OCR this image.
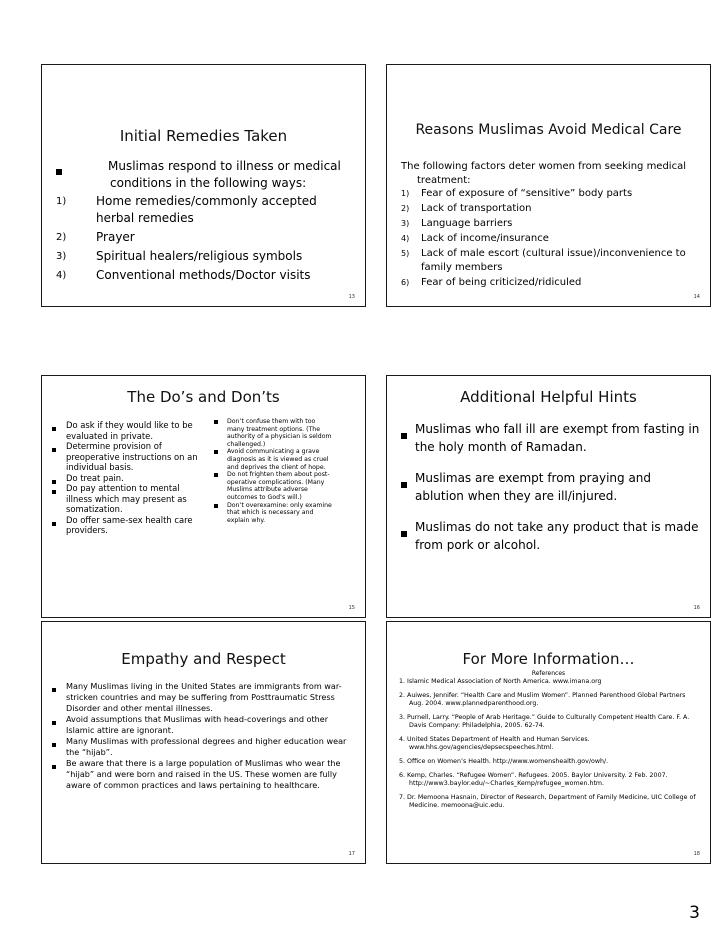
Initial Remedies Taken
Muslimas respond to illness or medical conditions in the following ways:
1) Home remedies/commonly accepted herbal remedies
2) Prayer
3) Spiritual healers/religious symbols
4) Conventional methods/Doctor visits
13
Reasons Muslimas Avoid Medical Care
The following factors deter women from seeking medical treatment:
1) Fear of exposure of “sensitive” body parts
2) Lack of transportation
3) Language barriers
4) Lack of income/insurance
5) Lack of male escort (cultural issue)/inconvenience to family members
6) Fear of being criticized/ridiculed
14
The Do’s and Don’ts
Do ask if they would like to be evaluated in private.
Determine provision of preoperative instructions on an individual basis.
Do treat pain.
Do pay attention to mental illness which may present as somatization.
Do offer same-sex health care providers.
Don’t confuse them with too many treatment options. (The authority of a physician is seldom challenged.)
Avoid communicating a grave diagnosis as it is viewed as cruel and deprives the client of hope.
Do not frighten them about post-operative complications. (Many Muslims attribute adverse outcomes to God’s will.)
Don’t overexamine: only examine that which is necessary and explain why.
15
Additional Helpful Hints
Muslimas who fall ill are exempt from fasting in the holy month of Ramadan.
Muslimas are exempt from praying and ablution when they are ill/injured.
Muslimas do not take any product that is made from pork or alcohol.
16
Empathy and Respect
Many Muslimas living in the United States are immigrants from war-stricken countries and may be suffering from Posttraumatic Stress Disorder and other mental illnesses.
Avoid assumptions that Muslimas with head-coverings and other Islamic attire are ignorant.
Many Muslimas with professional degrees and higher education wear the “hijab”.
Be aware that there is a large population of Muslimas who wear the “hijab” and were born and raised in the US. These women are fully aware of common practices and laws pertaining to healthcare.
17
For More Information…
References

1. Islamic Medical Association of North America. www.imana.org

2. Auiwes, Jennifer. “Health Care and Muslim Women”. Planned Parenthood Global Partners Aug. 2004. www.plannedparenthood.org.

3. Purnell, Larry. “People of Arab Heritage.” Guide to Culturally Competent Health Care. F. A. Davis Company: Philadelphia, 2005. 62-74.

4. United States Department of Health and Human Services. www.hhs.gov/agencies/depsecspeeches.html.

5. Office on Women’s Health. http://www.womenshealth.gov/owh/.

6. Kemp, Charles. “Refugee Women”. Refugees. 2005. Baylor University. 2 Feb. 2007. http://www3.baylor.edu/~Charles_Kemp/refugee_women.htm.

7. Dr. Memoona Hasnain, Director of Research, Department of Family Medicine, UIC College of Medicine. memoona@uic.edu.

18
3
